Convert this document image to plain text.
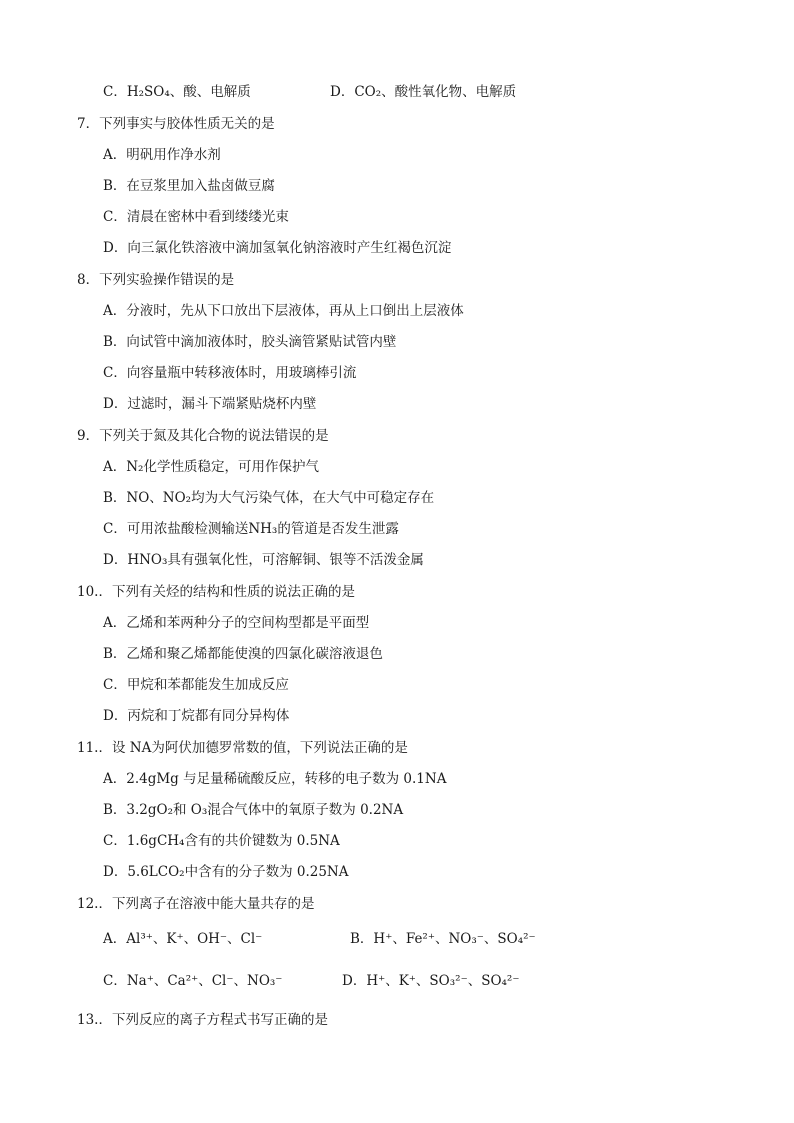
C．H₂SO₄、酸、电解质	D．CO₂、酸性氧化物、电解质
7．下列事实与胶体性质无关的是
A．明矾用作净水剂
B．在豆浆里加入盐卤做豆腐
C．清晨在密林中看到缕缕光束
D．向三氯化铁溶液中滴加氢氧化钠溶液时产生红褐色沉淀
8．下列实验操作错误的是
A．分液时，先从下口放出下层液体，再从上口倒出上层液体
B．向试管中滴加液体时，胶头滴管紧贴试管内壁
C．向容量瓶中转移液体时，用玻璃棒引流
D．过滤时，漏斗下端紧贴烧杯内壁
9．下列关于氮及其化合物的说法错误的是
A．N₂化学性质稳定，可用作保护气
B．NO、NO₂均为大气污染气体，在大气中可稳定存在
C．可用浓盐酸检测输送NH₃的管道是否发生泄露
D．HNO₃具有强氧化性，可溶解铜、银等不活泼金属
10.．下列有关烃的结构和性质的说法正确的是
A．乙烯和苯两种分子的空间构型都是平面型
B．乙烯和聚乙烯都能使溴的四氯化碳溶液退色
C．甲烷和苯都能发生加成反应
D．丙烷和丁烷都有同分异构体
11.．设 NA为阿伏加德罗常数的值，下列说法正确的是
A．2.4gMg 与足量稀硫酸反应，转移的电子数为 0.1NA
B．3.2gO₂和 O₃混合气体中的氧原子数为 0.2NA
C．1.6gCH₄含有的共价键数为 0.5NA
D．5.6LCO₂中含有的分子数为 0.25NA
12.．下列离子在溶液中能大量共存的是
A．Al³⁺、K⁺、OH⁻、Cl⁻	B．H⁺、Fe²⁺、NO₃⁻、SO₄²⁻
C．Na⁺、Ca²⁺、Cl⁻、NO₃⁻	D．H⁺、K⁺、SO₃²⁻、SO₄²⁻
13.．下列反应的离子方程式书写正确的是
